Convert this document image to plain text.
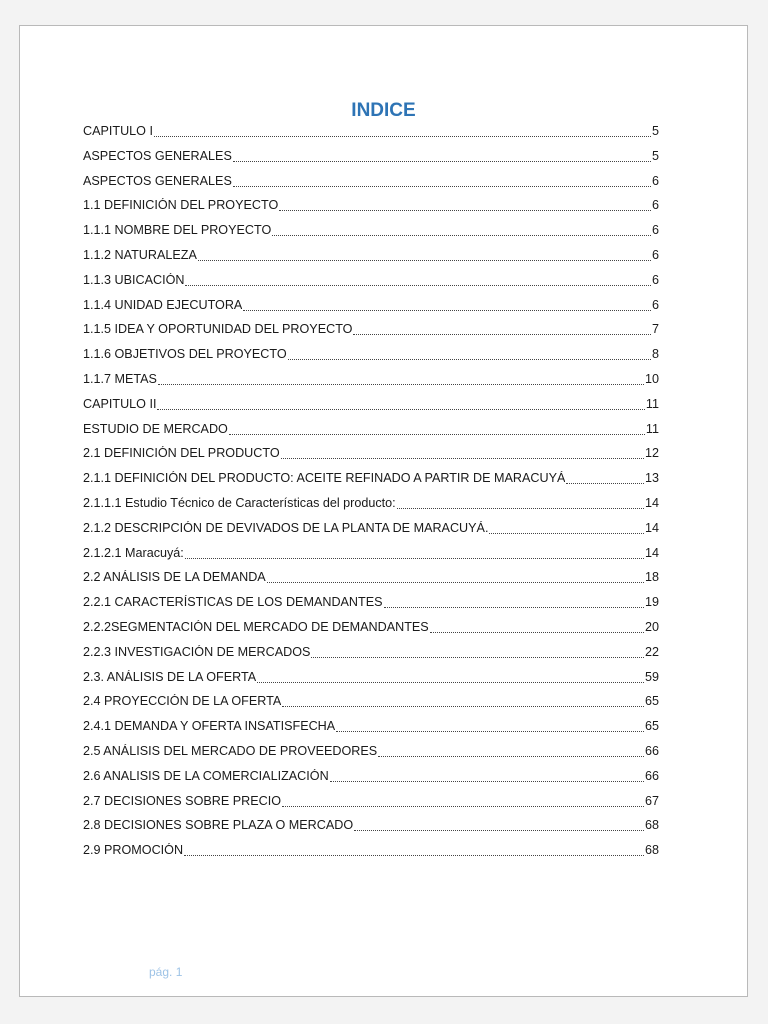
INDICE
CAPITULO I	5
ASPECTOS GENERALES	5
ASPECTOS GENERALES	6
1.1 DEFINICIÓN DEL PROYECTO	6
1.1.1 NOMBRE DEL PROYECTO	6
1.1.2 NATURALEZA	6
1.1.3 UBICACIÓN	6
1.1.4 UNIDAD EJECUTORA	6
1.1.5 IDEA Y OPORTUNIDAD DEL PROYECTO	7
1.1.6 OBJETIVOS DEL PROYECTO	8
1.1.7 METAS	10
CAPITULO II	11
ESTUDIO DE MERCADO	11
2.1 DEFINICIÓN DEL PRODUCTO	12
2.1.1 DEFINICIÓN DEL PRODUCTO: ACEITE REFINADO A PARTIR DE MARACUYÁ	13
2.1.1.1 Estudio Técnico de Características del producto:	14
2.1.2 DESCRIPCIÓN DE DEVIVADOS DE LA PLANTA DE MARACUYÁ.	14
2.1.2.1 Maracuyá:	14
2.2 ANÁLISIS DE LA DEMANDA	18
2.2.1 CARACTERÍSTICAS DE LOS DEMANDANTES	19
2.2.2SEGMENTACIÓN DEL MERCADO DE DEMANDANTES	20
2.2.3 INVESTIGACIÓN DE MERCADOS	22
2.3. ANÁLISIS DE LA OFERTA	59
2.4 PROYECCIÓN DE LA OFERTA	65
2.4.1 DEMANDA Y OFERTA INSATISFECHA	65
2.5 ANÁLISIS DEL MERCADO DE PROVEEDORES	66
2.6 ANALISIS DE LA COMERCIALIZACIÓN	66
2.7 DECISIONES SOBRE PRECIO	67
2.8 DECISIONES SOBRE PLAZA O MERCADO	68
2.9 PROMOCIÓN	68

pág. 1
